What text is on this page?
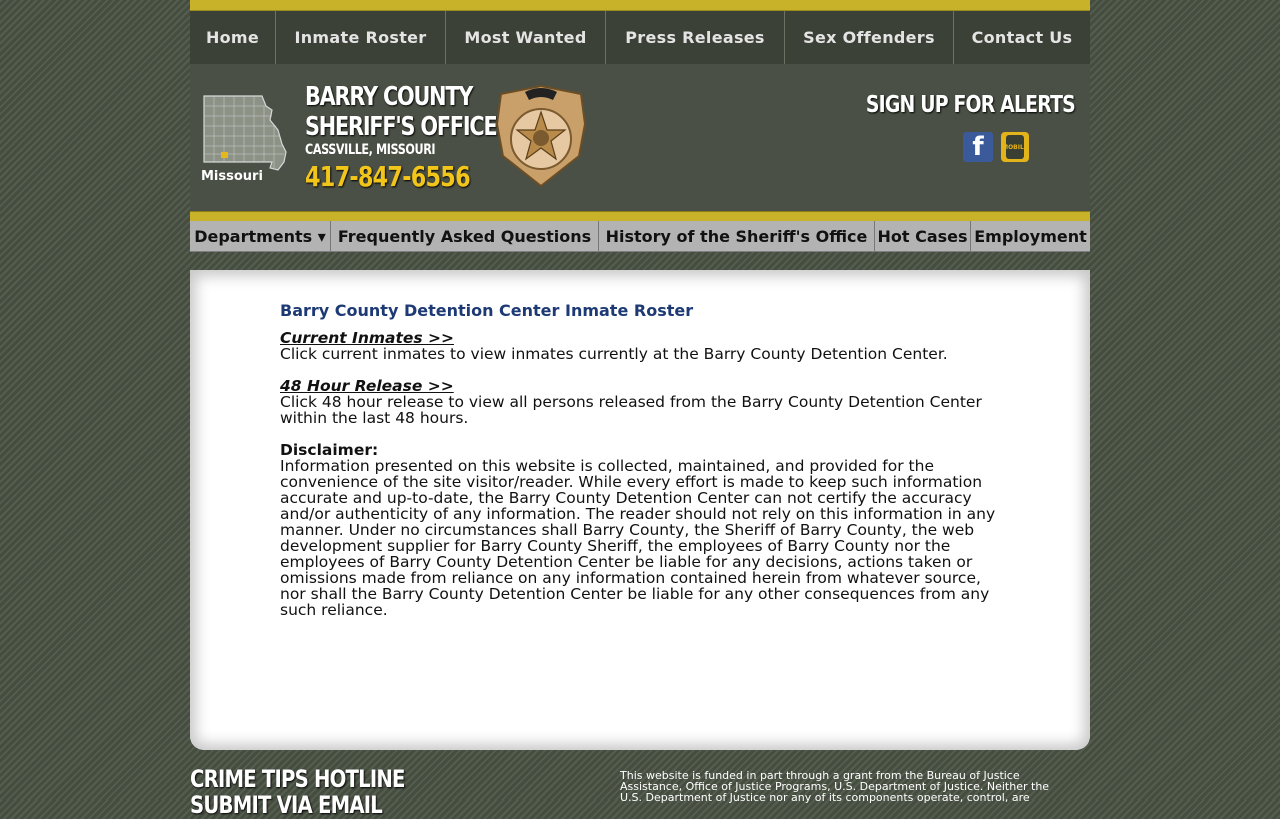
Home	Inmate Roster	Most Wanted	Press Releases	Sex Offenders	Contact Us
Missouri
BARRY COUNTY
SHERIFF'S OFFICE
CASSVILLE, MISSOURI
417-847-6556
SIGN UP FOR ALERTS
f	MOBILE
Departments ▾ Frequently Asked Questions History of the Sheriff's Office Hot Cases Employment
Barry County Detention Center Inmate Roster

Current Inmates >>
Click current inmates to view inmates currently at the Barry County Detention Center.

48 Hour Release >>
Click 48 hour release to view all persons released from the Barry County Detention Center within the last 48 hours.

Disclaimer:
Information presented on this website is collected, maintained, and provided for the convenience of the site visitor/reader. While every effort is made to keep such information accurate and up-to-date, the Barry County Detention Center can not certify the accuracy and/or authenticity of any information. The reader should not rely on this information in any manner. Under no circumstances shall Barry County, the Sheriff of Barry County, the web development supplier for Barry County Sheriff, the employees of Barry County nor the employees of Barry County Detention Center be liable for any decisions, actions taken or omissions made from reliance on any information contained herein from whatever source, nor shall the Barry County Detention Center be liable for any other consequences from any such reliance.

CRIME TIPS HOTLINE
SUBMIT VIA EMAIL
This website is funded in part through a grant from the Bureau of Justice Assistance, Office of Justice Programs, U.S. Department of Justice. Neither the U.S. Department of Justice nor any of its components operate, control, are
